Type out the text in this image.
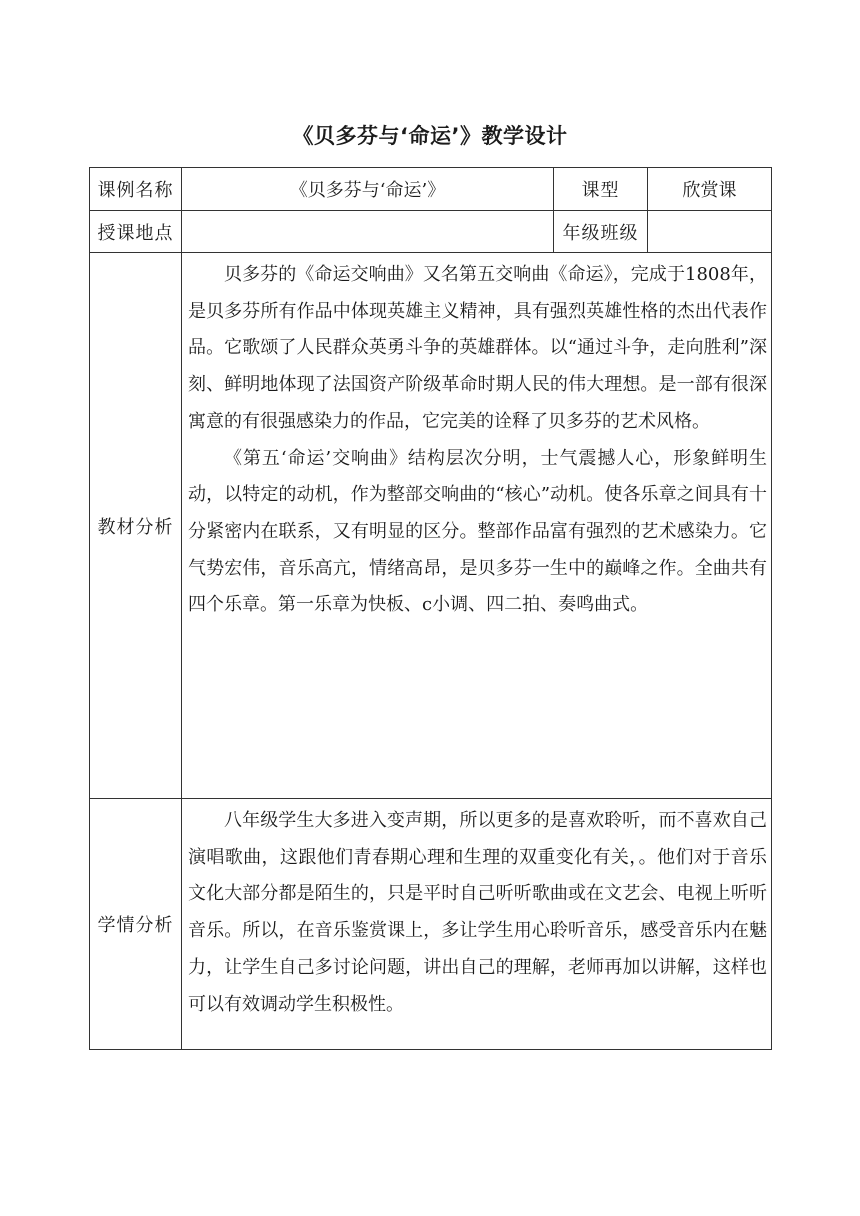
《贝多芬与‘命运’》教学设计
课例名称	《贝多芬与‘命运’》	课型	欣赏课
授课地点		年级班级	
教材分析	贝多芬的《命运交响曲》又名第五交响曲《命运》，完成于1808年，是贝多芬所有作品中体现英雄主义精神，具有强烈英雄性格的杰出代表作品。它歌颂了人民群众英勇斗争的英雄群体。以“通过斗争，走向胜利”深刻、鲜明地体现了法国资产阶级革命时期人民的伟大理想。是一部有很深寓意的有很强感染力的作品，它完美的诠释了贝多芬的艺术风格。

《第五‘命运’交响曲》结构层次分明，士气震撼人心，形象鲜明生动，以特定的动机，作为整部交响曲的“核心”动机。使各乐章之间具有十分紧密内在联系，又有明显的区分。整部作品富有强烈的艺术感染力。它气势宏伟，音乐高亢，情绪高昂，是贝多芬一生中的巅峰之作。全曲共有四个乐章。第一乐章为快板、c小调、四二拍、奏鸣曲式。		

学情分析	八年级学生大多进入变声期，所以更多的是喜欢聆听，而不喜欢自己演唱歌曲，这跟他们青春期心理和生理的双重变化有关，。他们对于音乐文化大部分都是陌生的，只是平时自己听听歌曲或在文艺会、电视上听听音乐。所以，在音乐鉴赏课上，多让学生用心聆听音乐，感受音乐内在魅力，让学生自己多讨论问题，讲出自己的理解，老师再加以讲解，这样也可以有效调动学生积极性。		
